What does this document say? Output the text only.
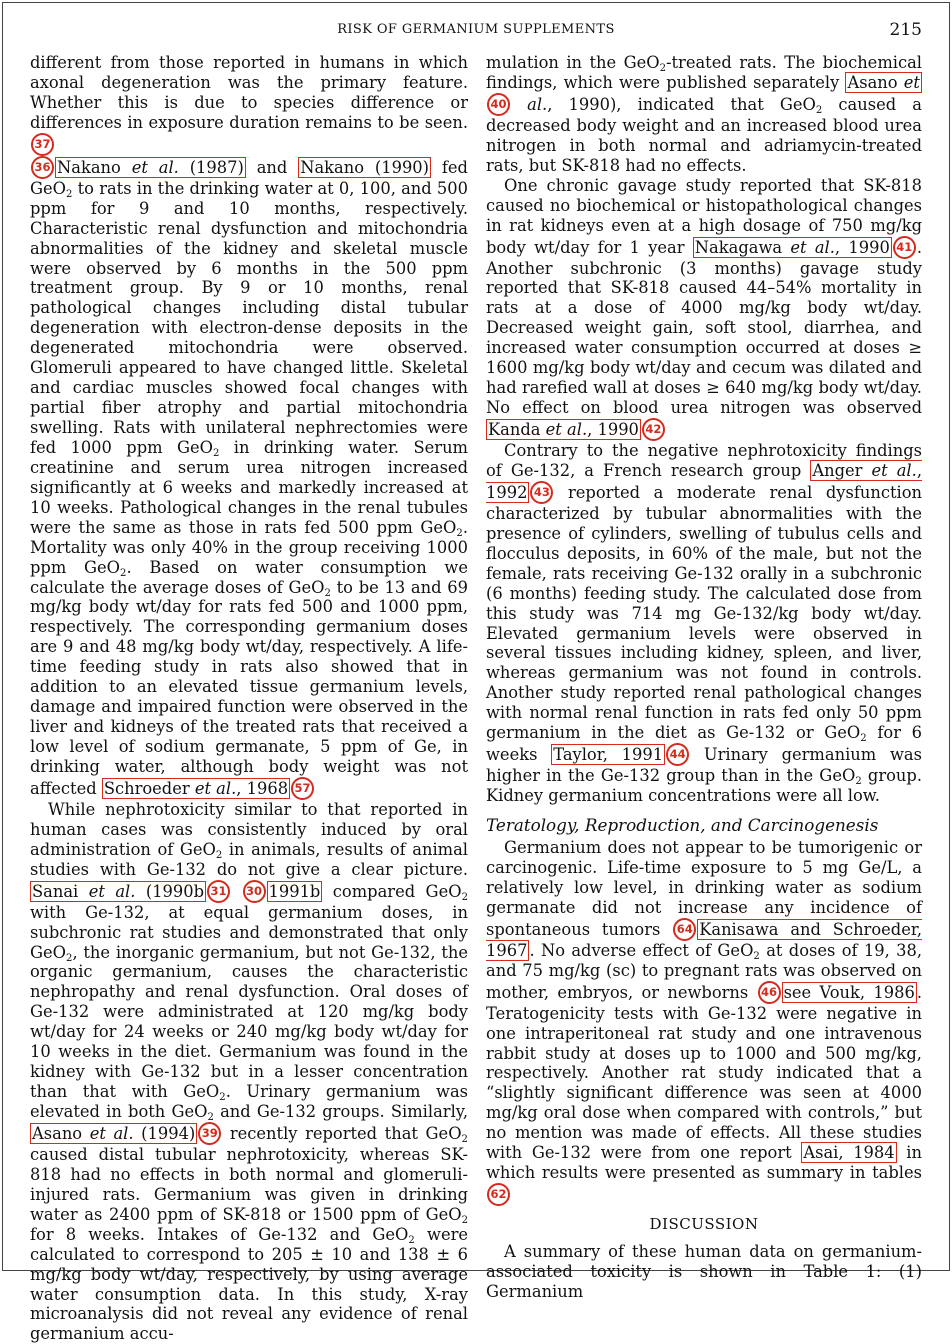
RISK OF GERMANIUM SUPPLEMENTS	215

different from those reported in humans in which axonal degeneration was the primary feature. Whether this is due to species difference or differences in exposure duration remains to be seen. 37

36 Nakano et al. (1987) and Nakano (1990) fed GeO$_2$ to rats in the drinking water at 0, 100, and 500 ppm for 9 and 10 months, respectively. Characteristic renal dysfunction and mitochondria abnormalities of the kidney and skeletal muscle were observed by 6 months in the 500 ppm treatment group. By 9 or 10 months, renal pathological changes including distal tubular degeneration with electron-dense deposits in the degenerated mitochondria were observed. Glomeruli appeared to have changed little. Skeletal and cardiac muscles showed focal changes with partial fiber atrophy and partial mitochondria swelling. Rats with unilateral nephrectomies were fed 1000 ppm GeO$_2$ in drinking water. Serum creatinine and serum urea nitrogen increased significantly at 6 weeks and markedly increased at 10 weeks. Pathological changes in the renal tubules were the same as those in rats fed 500 ppm GeO$_2$. Mortality was only 40% in the group receiving 1000 ppm GeO$_2$. Based on water consumption we calculate the average doses of GeO$_2$ to be 13 and 69 mg/kg body wt/day for rats fed 500 and 1000 ppm, respectively. The corresponding germanium doses are 9 and 48 mg/kg body wt/day, respectively. A life-time feeding study in rats also showed that in addition to an elevated tissue germanium levels, damage and impaired function were observed in the liver and kidneys of the treated rats that received a low level of sodium germanate, 5 ppm of Ge, in drinking water, although body weight was not affected Schroeder et al., 1968 57

While nephrotoxicity similar to that reported in human cases was consistently induced by oral administration of GeO$_2$ in animals, results of animal studies with Ge-132 do not give a clear picture. Sanai et al. (1990b 31 30 1991b compared GeO$_2$ with Ge-132, at equal germanium doses, in subchronic rat studies and demonstrated that only GeO$_2$, the inorganic germanium, but not Ge-132, the organic germanium, causes the characteristic nephropathy and renal dysfunction. Oral doses of Ge-132 were administrated at 120 mg/kg body wt/day for 24 weeks or 240 mg/kg body wt/day for 10 weeks in the diet. Germanium was found in the kidney with Ge-132 but in a lesser concentration than that with GeO$_2$. Urinary germanium was elevated in both GeO$_2$ and Ge-132 groups. Similarly, Asano et al. (1994) 39 recently reported that GeO$_2$ caused distal tubular nephrotoxicity, whereas SK-818 had no effects in both normal and glomeruli-injured rats. Germanium was given in drinking water as 2400 ppm of SK-818 or 1500 ppm of GeO$_2$ for 8 weeks. Intakes of Ge-132 and GeO$_2$ were calculated to correspond to 205 ± 10 and 138 ± 6 mg/kg body wt/day, respectively, by using average water consumption data. In this study, X-ray microanalysis did not reveal any evidence of renal germanium accu-

mulation in the GeO$_2$-treated rats. The biochemical findings, which were published separately Asano et40 al., 1990), indicated that GeO$_2$ caused a decreased body weight and an increased blood urea nitrogen in both normal and adriamycin-treated rats, but SK-818 had no effects.

One chronic gavage study reported that SK-818 caused no biochemical or histopathological changes in rat kidneys even at a high dosage of 750 mg/kg body wt/day for 1 year Nakagawa et al., 1990 41 . Another subchronic (3 months) gavage study reported that SK-818 caused 44–54% mortality in rats at a dose of 4000 mg/kg body wt/day. Decreased weight gain, soft stool, diarrhea, and increased water consumption occurred at doses ≥ 1600 mg/kg body wt/day and cecum was dilated and had rarefied wall at doses ≥ 640 mg/kg body wt/day. No effect on blood urea nitrogen was observed Kanda et al., 1990 42

Contrary to the negative nephrotoxicity findings of Ge-132, a French research group Anger et al., 1992 43 reported a moderate renal dysfunction characterized by tubular abnormalities with the presence of cylinders, swelling of tubulus cells and flocculus deposits, in 60% of the male, but not the female, rats receiving Ge-132 orally in a subchronic (6 months) feeding study. The calculated dose from this study was 714 mg Ge-132/kg body wt/day. Elevated germanium levels were observed in several tissues including kidney, spleen, and liver, whereas germanium was not found in controls. Another study reported renal pathological changes with normal renal function in rats fed only 50 ppm germanium in the diet as Ge-132 or GeO$_2$ for 6 weeks Taylor, 1991 44 Urinary germanium was higher in the Ge-132 group than in the GeO$_2$ group. Kidney germanium concentrations were all low.

Teratology, Reproduction, and Carcinogenesis

Germanium does not appear to be tumorigenic or carcinogenic. Life-time exposure to 5 mg Ge/L, a relatively low level, in drinking water as sodium germanate did not increase any incidence of spontaneous tumors 64 Kanisawa and Schroeder, 1967 . No adverse effect of GeO$_2$ at doses of 19, 38, and 75 mg/kg (sc) to pregnant rats was observed on mother, embryos, or newborns 46 see Vouk, 1986 . Teratogenicity tests with Ge-132 were negative in one intraperitoneal rat study and one intravenous rabbit study at doses up to 1000 and 500 mg/kg, respectively. Another rat study indicated that a “slightly significant difference was seen at 4000 mg/kg oral dose when compared with controls,” but no mention was made of effects. All these studies with Ge-132 were from one report Asai, 1984 in which results were presented as summary in tables62

DISCUSSION

A summary of these human data on germanium-associated toxicity is shown in Table 1: (1) Germanium
